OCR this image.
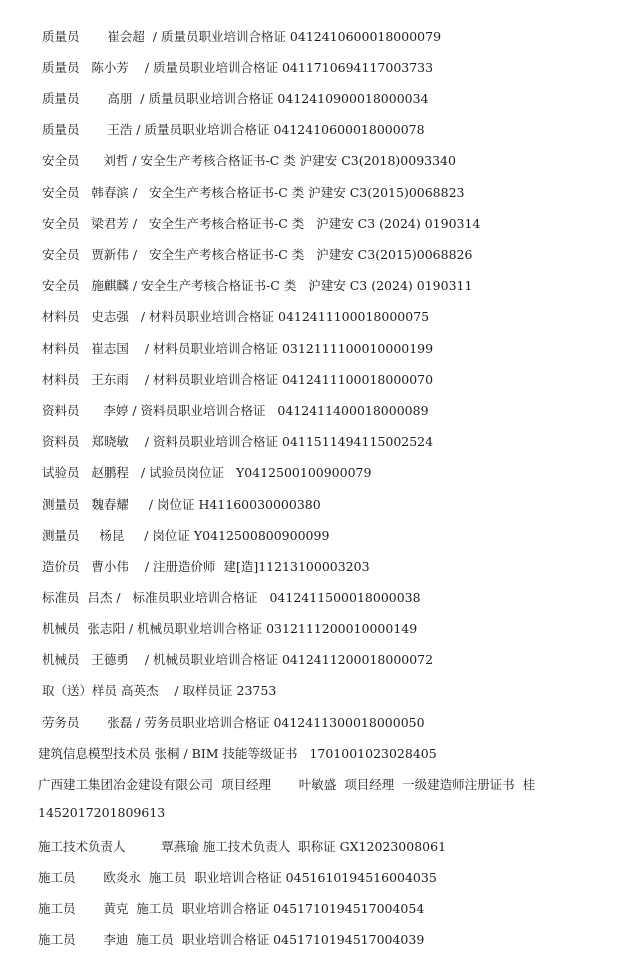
质量员       崔会超  / 质量员职业培训合格证 0412410600018000079
质量员   陈小芳    / 质量员职业培训合格证 0411710694117003733
质量员       高朋  / 质量员职业培训合格证 0412410900018000034
质量员       王浩 / 质量员职业培训合格证 0412410600018000078
安全员      刘哲 / 安全生产考核合格证书-C 类 沪建安 C3(2018)0093340
安全员   韩春滨 /   安全生产考核合格证书-C 类 沪建安 C3(2015)0068823
安全员   梁君芳 /   安全生产考核合格证书-C 类   沪建安 C3 (2024) 0190314
安全员   贾新伟 /   安全生产考核合格证书-C 类   沪建安 C3(2015)0068826
安全员   施麒麟 / 安全生产考核合格证书-C 类   沪建安 C3 (2024) 0190311
材料员   史志强   / 材料员职业培训合格证 0412411100018000075
材料员   崔志国    / 材料员职业培训合格证 0312111100010000199
材料员   王东雨    / 材料员职业培训合格证 0412411100018000070
资料员      李婷 / 资料员职业培训合格证   0412411400018000089
资料员   郑晓敏    / 资料员职业培训合格证 0411511494115002524
试验员   赵鹏程   / 试验员岗位证   Y0412500100900079
测量员   魏春耀     / 岗位证 H41160030000380
测量员     杨昆     / 岗位证 Y0412500800900099
造价员   曹小伟    / 注册造价师  建[造]11213100003203
标准员  吕杰 /   标准员职业培训合格证   0412411500018000038
机械员  张志阳 / 机械员职业培训合格证 0312111200010000149
机械员   王德勇    / 机械员职业培训合格证 0412411200018000072
取（送）样员 高英杰    / 取样员证 23753
劳务员       张磊 / 劳务员职业培训合格证 0412411300018000050
建筑信息模型技术员 张桐 / BIM 技能等级证书   1701001023028405
广西建工集团冶金建设有限公司  项目经理       叶敏盛  项目经理  一级建造师注册证书  桂
1452017201809613
施工技术负责人         覃燕瑜 施工技术负责人  职称证 GX12023008061
施工员       欧炎永  施工员  职业培训合格证 0451610194516004035
施工员       黄克  施工员  职业培训合格证 0451710194517004054
施工员       李迪  施工员  职业培训合格证 0451710194517004039
